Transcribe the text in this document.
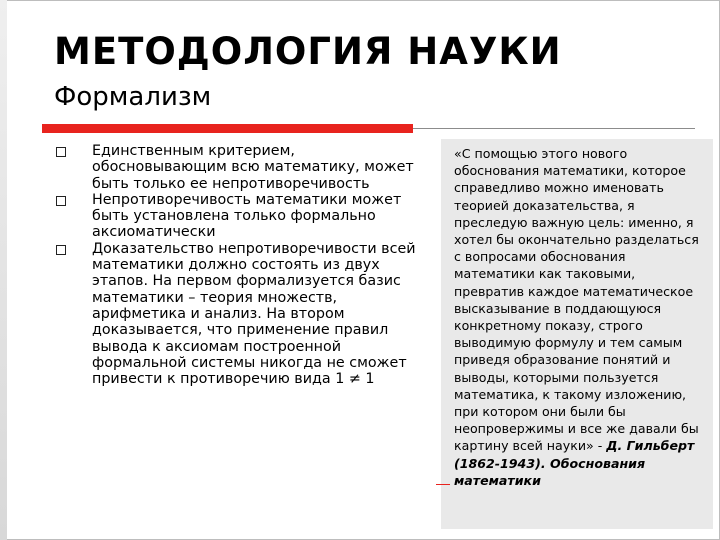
МЕТОДОЛОГИЯ НАУКИ
Формализм
Единственным критерием, обосновывающим всю математику, может быть только ее непротиворечивость
Непротиворечивость математики может быть установлена только формально аксиоматически
Доказательство непротиворечивости всей математики должно состоять из двух этапов. На первом формализуется базис математики – теория множеств, арифметика и анализ. На втором доказывается, что применение правил вывода к аксиомам построенной формальной системы никогда не сможет привести к противоречию вида 1 ≠ 1
«С помощью этого нового обоснования математики, которое справедливо можно именовать теорией доказательства, я преследую важную цель: именно, я хотел бы окончательно разделаться с вопросами обоснования математики как таковыми, превратив каждое математическое высказывание в поддающуюся конкретному показу, строго выводимую формулу и тем самым приведя образование понятий и выводы, которыми пользуется математика, к такому изложению, при котором они были бы неопровержимы и все же давали бы картину всей науки» - Д. Гильберт (1862-1943). Обоснования математики
